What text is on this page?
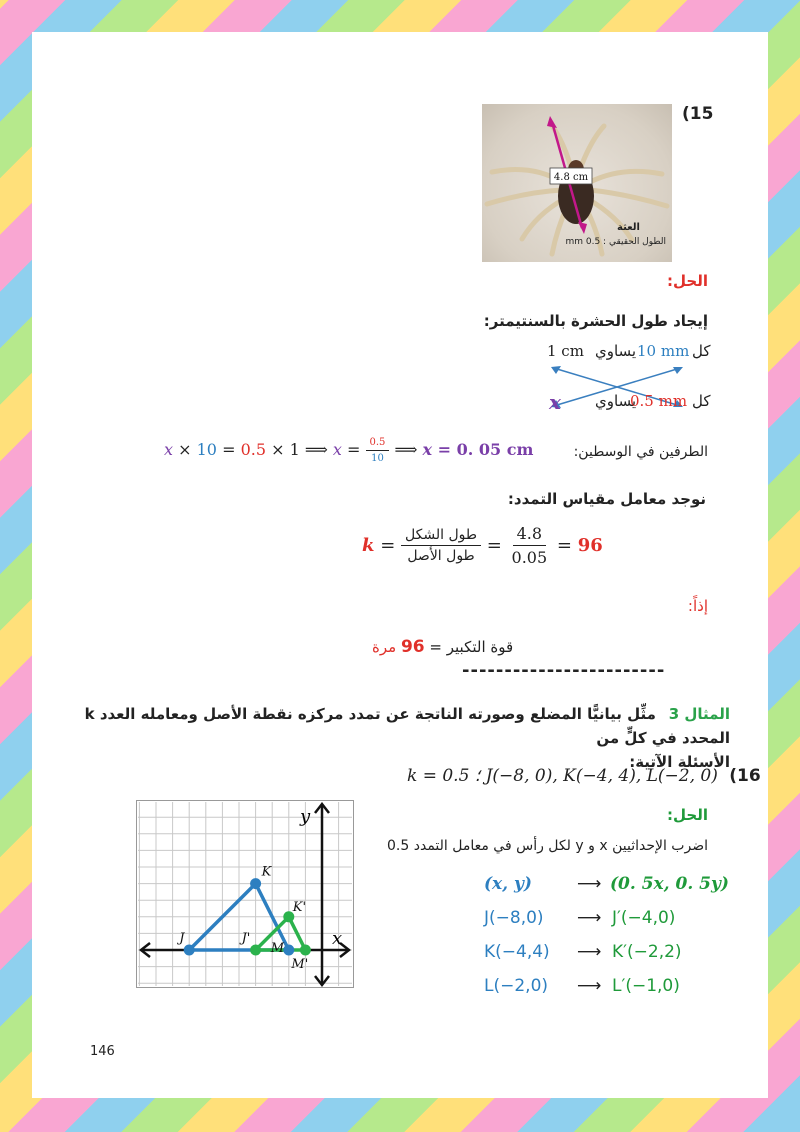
(15
4.8 cm
العثة
الطول الحقيقي : 0.5 mm
الحل:
إيجاد طول الحشرة بالسنتيمتر:
1 cm يساوي 10 mm كل
x يساوي
0.5 mm كل
الطرفين في الوسطين:
x × 10 = 0.5 × 1 ⟹ $x = \frac{0.5}{10}$ ⟹ x = 0. 05 cm
نوجد معامل مقياس التمدد:
$k = \frac{\text{طول الشكل}}{\text{طول الأصل}} = \frac{4.8}{0.05} = 96$
إذاً:
قوة التكبير = 96 مرة
------------------------
المثال 3 مثِّل بيانيًّا المضلع وصورته الناتجة عن تمدد مركزه نقطة الأصل ومعامله العدد k المحدد في كلٍّ من
الأسئلة الآتية:
k = 0.5 ؛ J(−8, 0), K(−4, 4), L(−2, 0) (16
الحل:
اضرب الإحداثيين x و y لكل رأس في معامل التمدد 0.5
(x, y)	⟶ (0. 5x, 0. 5y)
J(−8,0) ⟶ J′(−4,0)
K(−4,4) ⟶ K′(−2,2)
L(−2,0) ⟶ L′(−1,0)
J
K
M
J'
K'
M'
x
y
146
